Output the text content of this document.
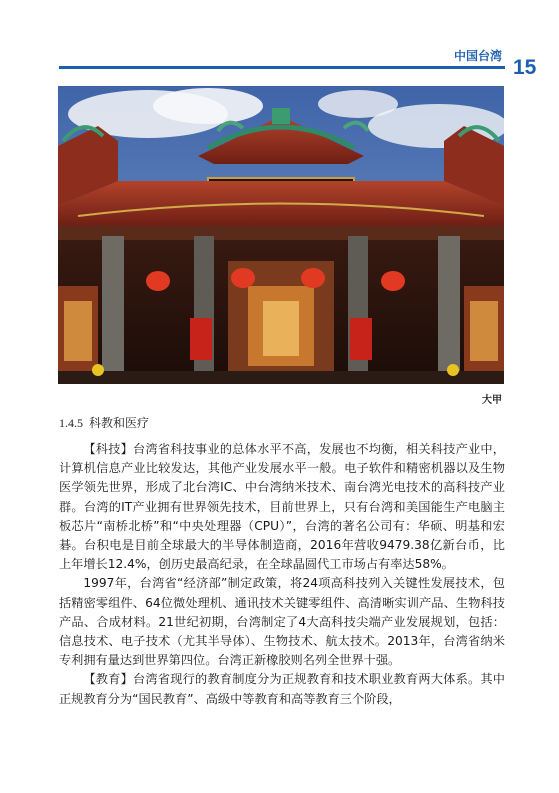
中国台湾 15
大甲
1.4.5 科教和医疗

【科技】台湾省科技事业的总体水平不高，发展也不均衡，相关科技产业中，计算机信息产业比较发达，其他产业发展水平一般。电子软件和精密机器以及生物医学领先世界，形成了北台湾IC、中台湾纳米技术、南台湾光电技术的高科技产业群。台湾的IT产业拥有世界领先技术，目前世界上，只有台湾和美国能生产电脑主板芯片“南桥北桥”和“中央处理器（CPU）”，台湾的著名公司有：华硕、明基和宏碁。台积电是目前全球最大的半导体制造商，2016年营收9479.38亿新台币，比上年增长12.4%，创历史最高纪录，在全球晶圆代工市场占有率达58%。

1997年，台湾省“经济部”制定政策，将24项高科技列入关键性发展技术，包括精密零组件、64位微处理机、通讯技术关键零组件、高清晰实训产品、生物科技产品、合成材料。21世纪初期，台湾制定了4大高科技尖端产业发展规划，包括：信息技术、电子技术（尤其半导体）、生物技术、航太技术。2013年，台湾省纳米专利拥有量达到世界第四位。台湾正新橡胶则名列全世界十强。

【教育】台湾省现行的教育制度分为正规教育和技术职业教育两大体系。其中正规教育分为“国民教育”、高级中等教育和高等教育三个阶段，
